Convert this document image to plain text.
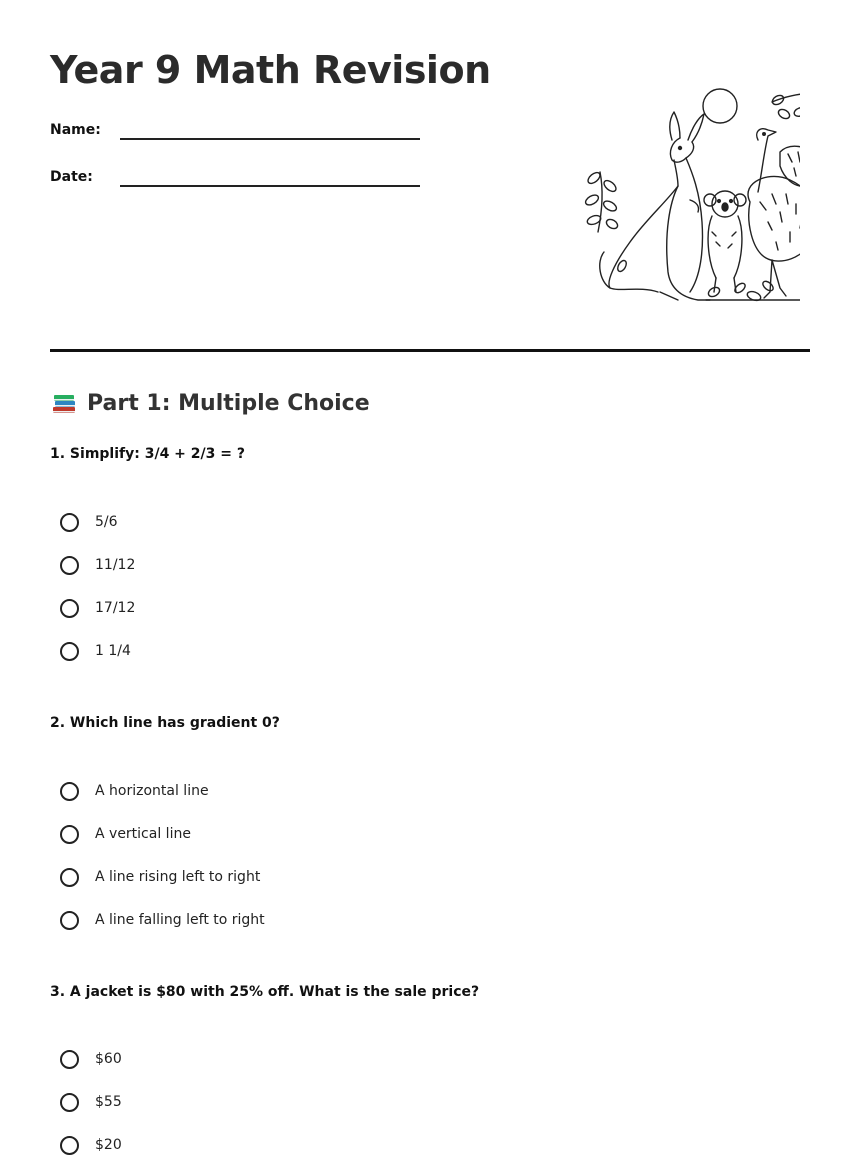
Year 9 Math Revision
Name:
Date:
Part 1: Multiple Choice
1. Simplify: 3/4 + 2/3 = ?
5/6
11/12
17/12
1 1/4
2. Which line has gradient 0?
A horizontal line
A vertical line
A line rising left to right
A line falling left to right
3. A jacket is $80 with 25% off. What is the sale price?
$60
$55
$20
